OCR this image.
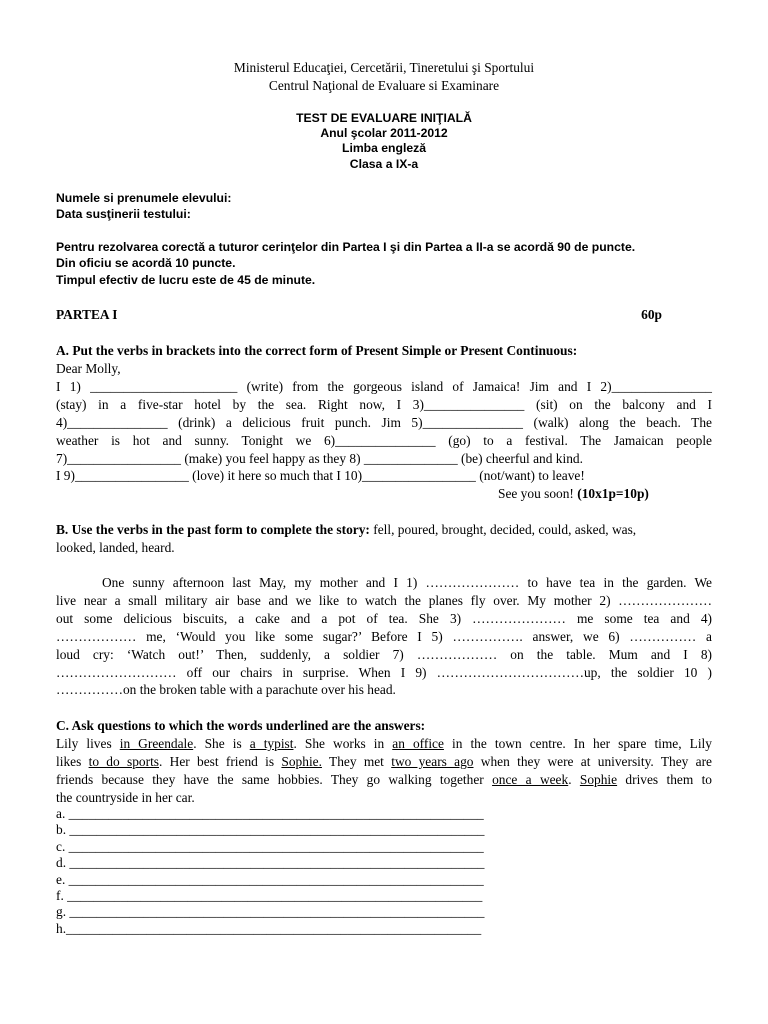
Ministerul Educaţiei, Cercetării, Tineretului şi Sportului
Centrul Naţional de Evaluare si Examinare
TEST DE EVALUARE INIŢIALĂ
Anul şcolar 2011-2012
Limba engleză
Clasa a IX-a
Numele si prenumele elevului:
Data susţinerii testului:
Pentru rezolvarea corectă a tuturor cerinţelor din Partea I şi din Partea a II-a se acordă 90 de puncte. Din oficiu se acordă 10 puncte.
Timpul efectiv de lucru este de 45 de minute.
PARTEA I	60p
A. Put the verbs in brackets into the correct form of Present Simple or Present Continuous:
Dear Molly,
I 1) ______________________ (write) from the gorgeous island of Jamaica! Jim and I 2)_______________
(stay) in a five-star hotel by the sea. Right now, I 3)_______________ (sit) on the balcony and I
4)_______________ (drink) a delicious fruit punch. Jim 5)_______________ (walk) along the beach. The
weather is hot and sunny. Tonight we 6)_______________ (go) to a festival. The Jamaican people
7)_________________ (make) you feel happy as they 8) ______________ (be) cheerful and kind.
I 9)_________________ (love) it here so much that I 10)_________________ (not/want) to leave!
See you soon! (10x1p=10p)
B. Use the verbs in the past form to complete the story: fell, poured, brought, decided, could, asked, was,
looked, landed, heard.
One sunny afternoon last May, my mother and I 1) ………………… to have tea in the garden. We
live near a small military air base and we like to watch the planes fly over. My mother 2) …………………
out some delicious biscuits, a cake and a pot of tea. She 3) ………………… me some tea and 4)
……………… me, ‘Would you like some sugar?’ Before I 5) ……………. answer, we 6) …………… a
loud cry: ‘Watch out!’ Then, suddenly, a soldier 7) ……………… on the table. Mum and I 8)
……………………… off our chairs in surprise. When I 9) ……………………………up, the soldier 10 )
……………on the broken table with a parachute over his head.
C. Ask questions to which the words underlined are the answers:
Lily lives in Greendale. She is a typist. She works in an office in the town centre. In her spare time, Lily
likes to do sports. Her best friend is Sophie. They met two years ago when they were at university. They are
friends because they have the same hobbies. They go walking together once a week. Sophie drives them to
the countryside in her car.
a. ______________________________________________________________
b. ______________________________________________________________
c. ______________________________________________________________
d. ______________________________________________________________
e. ______________________________________________________________
f. ______________________________________________________________
g. ______________________________________________________________
h.______________________________________________________________
